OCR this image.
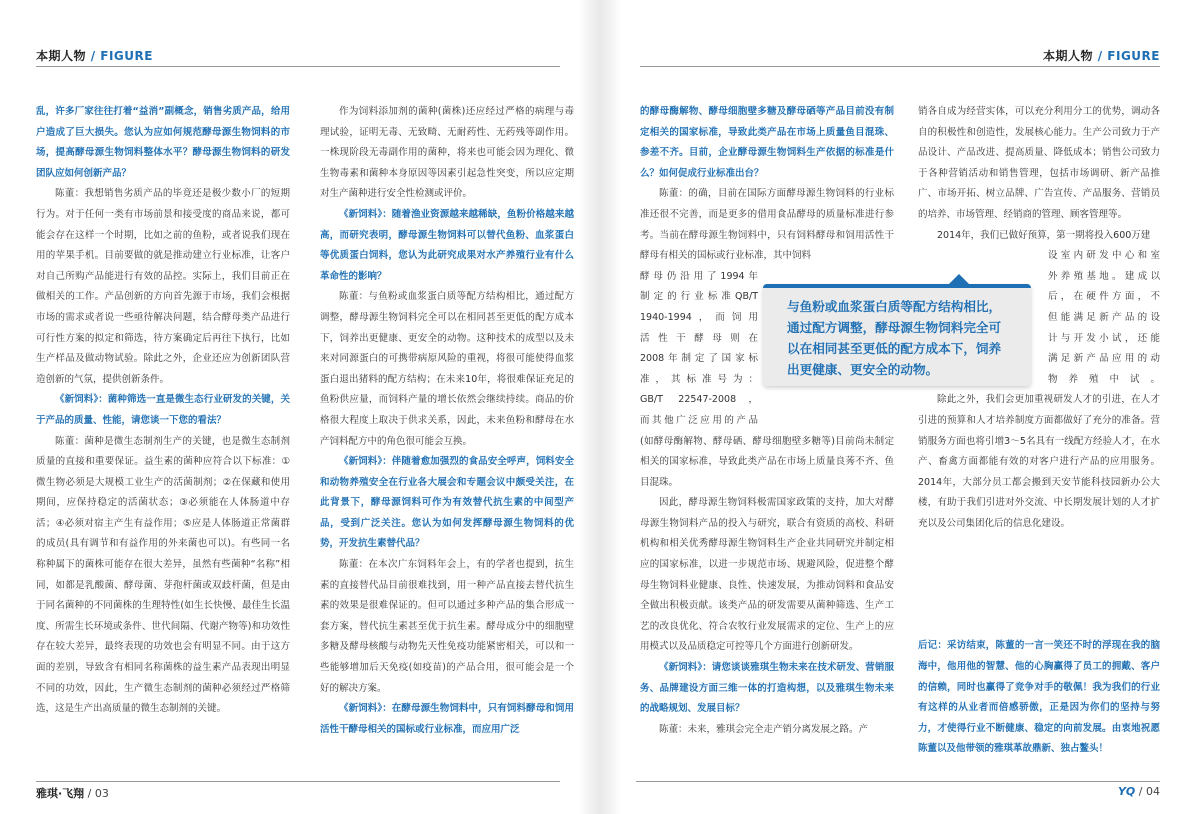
本期人物 / FIGURE

乱，许多厂家往往打着“益消”副概念，销售劣质产品，给用户造成了巨大损失。您认为应如何规范酵母源生物饲料的市场，提高酵母源生物饲料整体水平？酵母源生物饲料的研发团队应如何创新产品？

陈董：我想销售劣质产品的毕竟还是极少数小厂的短期行为。对于任何一类有市场前景和接受度的商品来说，都可能会存在这样一个时期，比如之前的鱼粉，或者说我们现在用的苹果手机。目前要做的就是推动建立行业标准，让客户对自己所购产品能进行有效的品控。实际上，我们目前正在做相关的工作。产品创新的方向首先源于市场，我们会根据市场的需求或者说一些亟待解决问题，结合酵母类产品进行可行性方案的拟定和筛选，待方案确定后再往下执行，比如生产样品及做动物试验。除此之外，企业还应为创新团队营造创新的气氛，提供创新条件。

《新饲料》：菌种筛选一直是微生态行业研发的关键，关于产品的质量、性能，请您谈一下您的看法？

陈董：菌种是微生态制剂生产的关键，也是微生态制剂质量的直接和重要保证。益生素的菌种应符合以下标准：①微生物必须是大规模工业生产的活菌制剂；②在保藏和使用期间，应保持稳定的活菌状态；③必须能在人体肠道中存活；④必须对宿主产生有益作用；⑤应是人体肠道正常菌群的成员(具有调节和有益作用的外来菌也可以)。有些同一名称种属下的菌株可能存在很大差异，虽然有些菌种“名称”相同，如都是乳酸菌、酵母菌、芽孢杆菌或双歧杆菌，但是由于同名菌种的不同菌株的生理特性(如生长快慢、最佳生长温度、所需生长环境或条件、世代间隔、代谢产物等)和功效性存在较大差异，最终表现的功效也会有明显不同。由于这方面的差别，导致含有相同名称菌株的益生素产品表现出明显不同的功效，因此，生产微生态制剂的菌种必须经过严格筛选，这是生产出高质量的微生态制剂的关键。

作为饲料添加剂的菌种(菌株)还应经过严格的病理与毒理试验，证明无毒、无致畸、无耐药性、无药残等副作用。一株现阶段无毒副作用的菌种，将来也可能会因为理化、微生物毒素和菌种本身原因等因素引起急性突变，所以应定期对生产菌种进行安全性检测或评价。

《新饲料》：随着渔业资源越来越稀缺，鱼粉价格越来越高，而研究表明，酵母源生物饲料可以替代鱼粉、血浆蛋白等优质蛋白饲料，您认为此研究成果对水产养殖行业有什么革命性的影响？

陈董：与鱼粉或血浆蛋白质等配方结构相比，通过配方调整，酵母源生物饲料完全可以在相同甚至更低的配方成本下，饲养出更健康、更安全的动物。这种技术的成型以及未来对同源蛋白的可携带病原风险的重视，将很可能使得血浆蛋白退出猪料的配方结构；在未来10年，将很难保证充足的鱼粉供应量，而饲料产量的增长依然会继续持续。商品的价格很大程度上取决于供求关系，因此，未来鱼粉和酵母在水产饲料配方中的角色很可能会互换。

《新饲料》：伴随着愈加强烈的食品安全呼声，饲料安全和动物养殖安全在行业各大展会和专题会议中颇受关注，在此背景下，酵母源饲料可作为有效替代抗生素的中间型产品，受到广泛关注。您认为如何发挥酵母源生物饲料的优势，开发抗生素替代品？

陈董：在本次广东饲料年会上，有的学者也提到，抗生素的直接替代品目前很难找到，用一种产品直接去替代抗生素的效果是很难保证的。但可以通过多种产品的集合形成一套方案，替代抗生素甚至优于抗生素。酵母成分中的细胞壁多糖及酵母核酸与动物先天性免疫功能紧密相关，可以和一些能够增加后天免疫(如疫苗)的产品合用，很可能会是一个好的解决方案。

《新饲料》：在酵母源生物饲料中，只有饲料酵母和饲用活性干酵母相关的国标或行业标准，而应用广泛

雅琪·飞翔 / 03
本期人物 / FIGURE

的酵母酶解物、酵母细胞壁多糖及酵母硒等产品目前没有制定相关的国家标准，导致此类产品在市场上质量鱼目混珠、参差不齐。目前，企业酵母源生物饲料生产依据的标准是什么？如何促成行业标准出台？

陈董：的确，目前在国际方面酵母源生物饲料的行业标准还很不完善，而是更多的借用食品酵母的质量标准进行参考。当前在酵母源生物饲料中，只有饲料酵母和饲用活性干酵母有相关的国标或行业标准，其中饲料

酵母仍沿用了1994年
制定的行业标准QB/T
1940-1994，而饲用
活性干酵母则在
2008年制定了国家标
准，其标准号为：
GB/T 22547-2008，
而其他广泛应用的产品

(如酵母酶解物、酵母硒、酵母细胞壁多糖等)目前尚未制定相关的国家标准，导致此类产品在市场上质量良莠不齐、鱼目混珠。

因此，酵母源生物饲料极需国家政策的支持，加大对酵母源生物饲料产品的投入与研究，联合有资质的高校、科研机构和相关优秀酵母源生物饲料生产企业共同研究并制定相应的国家标准，以进一步规范市场、规避风险，促进整个酵母生物饲料业健康、良性、快速发展，为推动饲料和食品安全做出积极贡献。该类产品的研发需要从菌种筛选、生产工艺的改良优化、符合农牧行业发展需求的定位、生产上的应用模式以及品质稳定可控等几个方面进行创新研发。

《新饲料》：请您谈谈雅琪生物未来在技术研发、营销服务、品牌建设方面三维一体的打造构想，以及雅琪生物未来的战略规划、发展目标？

陈董：未来，雅琪会完全走产销分离发展之路。产

销各自成为经营实体，可以充分利用分工的优势，调动各自的积极性和创造性，发展核心能力。生产公司致力于产品设计、产品改进、提高质量、降低成本；销售公司致力于各种营销活动和销售管理，包括市场调研、新产品推广、市场开拓、树立品牌、广告宣传、产品服务、营销员的培养、市场管理、经销商的管理、顾客管理等。

2014年，我们已做好预算，第一期将投入600万建

设室内研发中心和室
外养殖基地。建成以
后，在硬件方面，不
但能满足新产品的设
计与开发小试，还能
满足新产品应用的动
物养殖中试。

除此之外，我们会更加重视研发人才的引进，在人才引进的预算和人才培养制度方面都做好了充分的准备。营销服务方面也将引增3～5名具有一线配方经验人才，在水产、畜禽方面都能有效的对客户进行产品的应用服务。2014年，大部分员工都会搬到天安节能科技园新办公大楼，有助于我们引进对外交流、中长期发展计划的人才扩充以及公司集团化后的信息化建设。

后记：采访结束，陈董的一言一笑还不时的浮现在我的脑海中，他用他的智慧、他的心胸赢得了员工的拥戴、客户的信赖，同时也赢得了竞争对手的敬佩！我为我们的行业有这样的从业者而倍感骄傲，正是因为你们的坚持与努力，才使得行业不断健康、稳定的向前发展。由衷地祝愿陈董以及他带领的雅琪革故鼎新、独占鳌头！

YQ / 04
与鱼粉或血浆蛋白质等配方结构相比，通过配方调整，酵母源生物饲料完全可以在相同甚至更低的配方成本下，饲养出更健康、更安全的动物。
